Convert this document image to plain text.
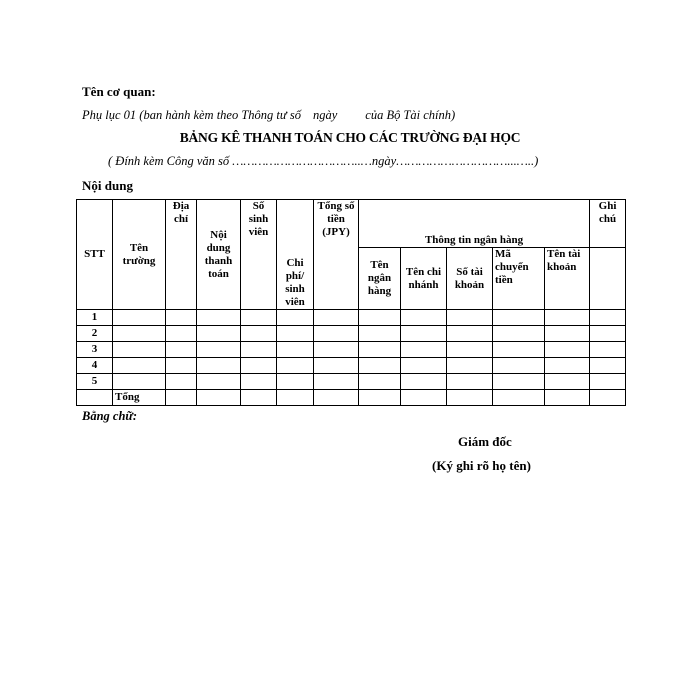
Tên cơ quan:
Phụ lục 01 (ban hành kèm theo Thông tư số ngày của Bộ Tài chính)
BẢNG KÊ THANH TOÁN CHO CÁC TRƯỜNG ĐẠI HỌC
( Đính kèm Công văn số ……………………………..…ngày…………………………...…..)
Nội dung
STT	Tên trường	Địa chỉ	Nội dung thanh toán	Số sinh viên	Chi phí/ sinh viên	Tổng số tiền (JPY)	Thông tin ngân hàng					Ghi chú
							Tên ngân hàng	Tên chi nhánh	Số tài khoản	Mã chuyển tiền	Tên tài khoản	
1												
2												
3												
4												
5												
	Tổng											
Bằng chữ:
Giám đốc
(Ký ghi rõ họ tên)
